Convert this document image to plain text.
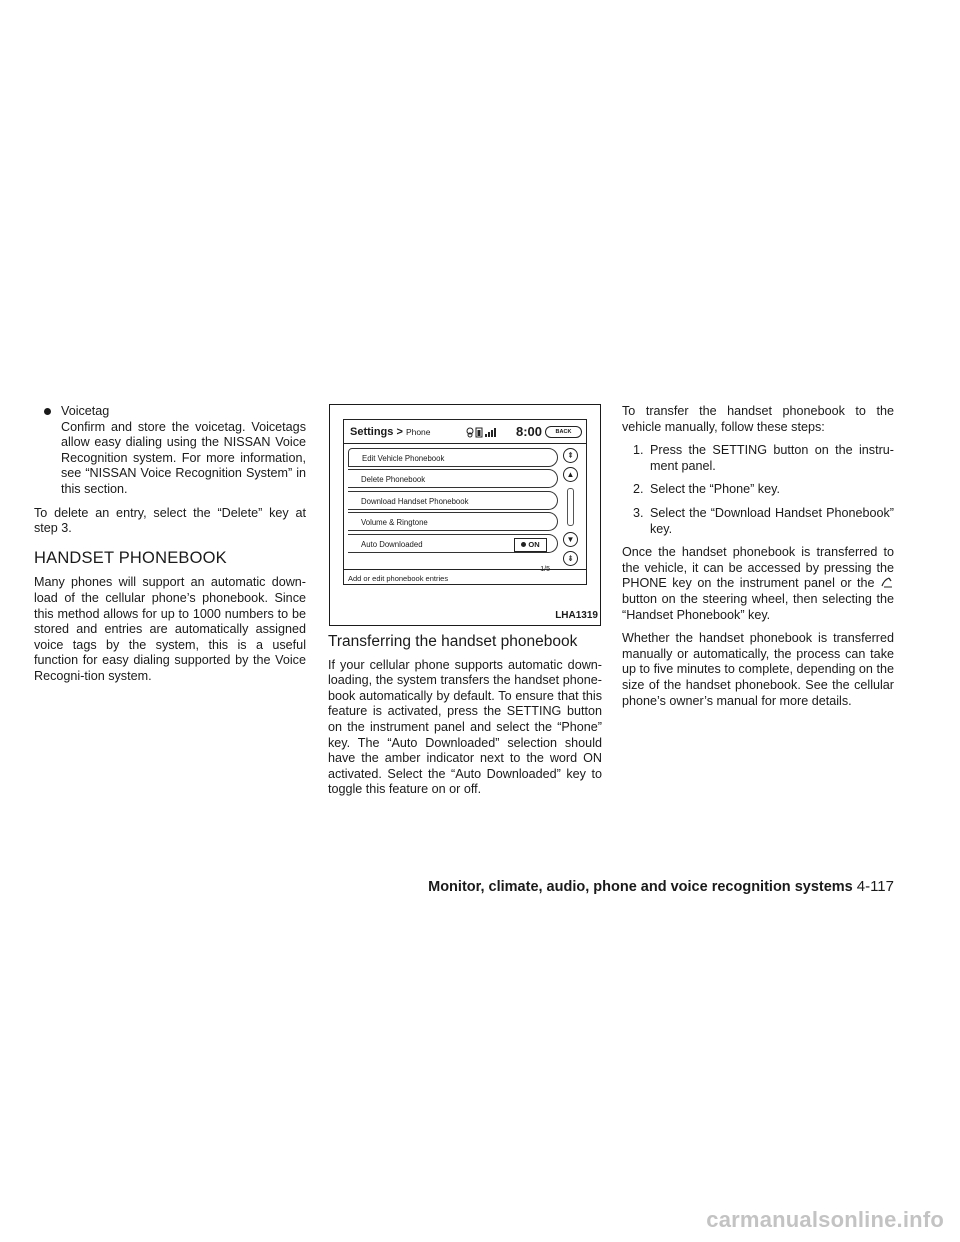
Voicetag
Confirm and store the voicetag. Voicetags allow easy dialing using the NISSAN Voice Recognition system. For more information, see “NISSAN Voice Recognition System” in this section.

To delete an entry, select the “Delete” key at step 3.

HANDSET PHONEBOOK

Many phones will support an automatic down-load of the cellular phone’s phonebook. Since this method allows for up to 1000 numbers to be stored and entries are automatically assigned voice tags by the system, this is a useful function for easy dialing supported by the Voice Recogni-tion system.

Settings > Phone	8:00	BACK
Edit Vehicle Phonebook
Delete Phonebook
Download Handset Phonebook
Volume & Ringtone
Auto Downloaded	ON
⇞
▲
▼
⇟
1/5
Add or edit phonebook entries
LHA1319
Transferring the handset phonebook

If your cellular phone supports automatic down-loading, the system transfers the handset phone-book automatically by default. To ensure that this feature is activated, press the SETTING button on the instrument panel and select the “Phone” key. The “Auto Downloaded” selection should have the amber indicator next to the word ON activated. Select the “Auto Downloaded” key to toggle this feature on or off.

To transfer the handset phonebook to the vehicle manually, follow these steps:

1. Press the SETTING button on the instru-ment panel.
2. Select the “Phone” key.
3. Select the “Download Handset Phonebook” key.

Once the handset phonebook is transferred to the vehicle, it can be accessed by pressing the PHONE key on the instrument panel or the  button on the steering wheel, then selecting the “Handset Phonebook” key.

Whether the handset phonebook is transferred manually or automatically, the process can take up to five minutes to complete, depending on the size of the handset phonebook. See the cellular phone’s owner’s manual for more details.

Monitor, climate, audio, phone and voice recognition systems 4-117
carmanualsonline.info
